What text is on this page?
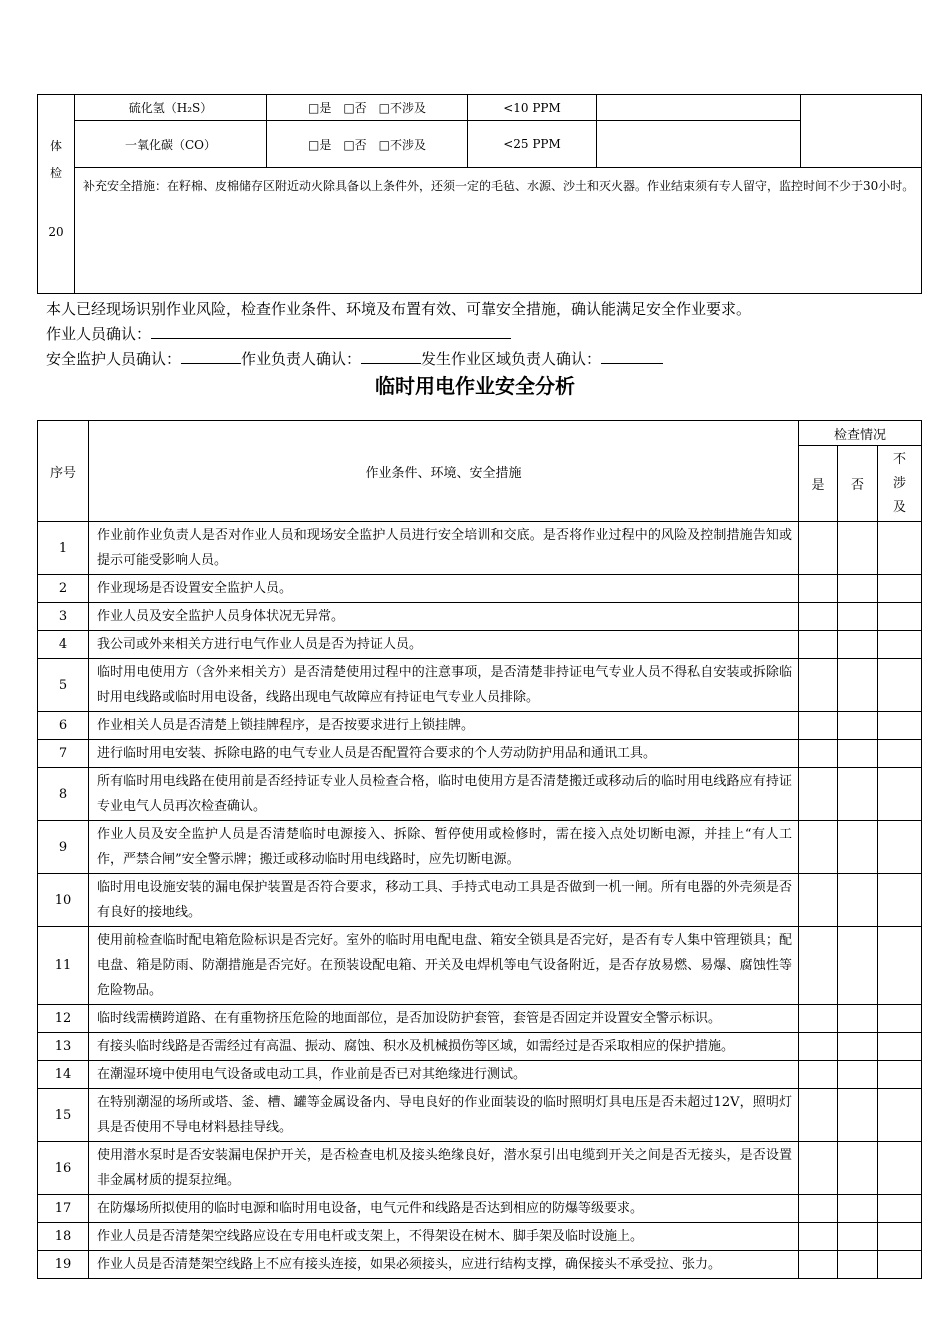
体
检
20	硫化氢（H₂S）	□是　□否　□不涉及	<10 PPM		
	一氧化碳（CO）	□是　□否　□不涉及	<25 PPM		
	补充安全措施：在籽棉、皮棉储存区附近动火除具备以上条件外，还须一定的毛毡、水源、沙土和灭火器。作业结束须有专人留守，监控时间不少于30小时。				
本人已经现场识别作业风险，检查作业条件、环境及布置有效、可靠安全措施，确认能满足安全作业要求。
作业人员确认：
安全监护人员确认：	作业负责人确认：	发生作业区域负责人确认：
临时用电作业安全分析
序号	作业条件、环境、安全措施	检查情况		
		是	否	不涉及

1	作业前作业负责人是否对作业人员和现场安全监护人员进行安全培训和交底。是否将作业过程中的风险及控制措施告知或提示可能受影响人员。			
2	作业现场是否设置安全监护人员。			
3	作业人员及安全监护人员身体状况无异常。			
4	我公司或外来相关方进行电气作业人员是否为持证人员。			
5	临时用电使用方（含外来相关方）是否清楚使用过程中的注意事项，是否清楚非持证电气专业人员不得私自安装或拆除临时用电线路或临时用电设备，线路出现电气故障应有持证电气专业人员排除。			
6	作业相关人员是否清楚上锁挂牌程序，是否按要求进行上锁挂牌。			
7	进行临时用电安装、拆除电路的电气专业人员是否配置符合要求的个人劳动防护用品和通讯工具。			
8	所有临时用电线路在使用前是否经持证专业人员检查合格，临时电使用方是否清楚搬迁或移动后的临时用电线路应有持证专业电气人员再次检查确认。			
9	作业人员及安全监护人员是否清楚临时电源接入、拆除、暂停使用或检修时，需在接入点处切断电源，并挂上“有人工作，严禁合闸”安全警示牌；搬迁或移动临时用电线路时，应先切断电源。			
10	临时用电设施安装的漏电保护装置是否符合要求，移动工具、手持式电动工具是否做到一机一闸。所有电器的外壳须是否有良好的接地线。			
11	使用前检查临时配电箱危险标识是否完好。室外的临时用电配电盘、箱安全锁具是否完好，是否有专人集中管理锁具；配电盘、箱是防雨、防潮措施是否完好。在预装设配电箱、开关及电焊机等电气设备附近，是否存放易燃、易爆、腐蚀性等危险物品。			
12	临时线需横跨道路、在有重物挤压危险的地面部位，是否加设防护套管，套管是否固定并设置安全警示标识。			
13	有接头临时线路是否需经过有高温、振动、腐蚀、积水及机械损伤等区域，如需经过是否采取相应的保护措施。			
14	在潮湿环境中使用电气设备或电动工具，作业前是否已对其绝缘进行测试。			
15	在特别潮湿的场所或塔、釜、槽、罐等金属设备内、导电良好的作业面装设的临时照明灯具电压是否未超过12V，照明灯具是否使用不导电材料悬挂导线。			
16	使用潜水泵时是否安装漏电保护开关，是否检查电机及接头绝缘良好，潜水泵引出电缆到开关之间是否无接头，是否设置非金属材质的提泵拉绳。			
17	在防爆场所拟使用的临时电源和临时用电设备，电气元件和线路是否达到相应的防爆等级要求。			
18	作业人员是否清楚架空线路应设在专用电杆或支架上，不得架设在树木、脚手架及临时设施上。			
19	作业人员是否清楚架空线路上不应有接头连接，如果必须接头，应进行结构支撑，确保接头不承受拉、张力。			
